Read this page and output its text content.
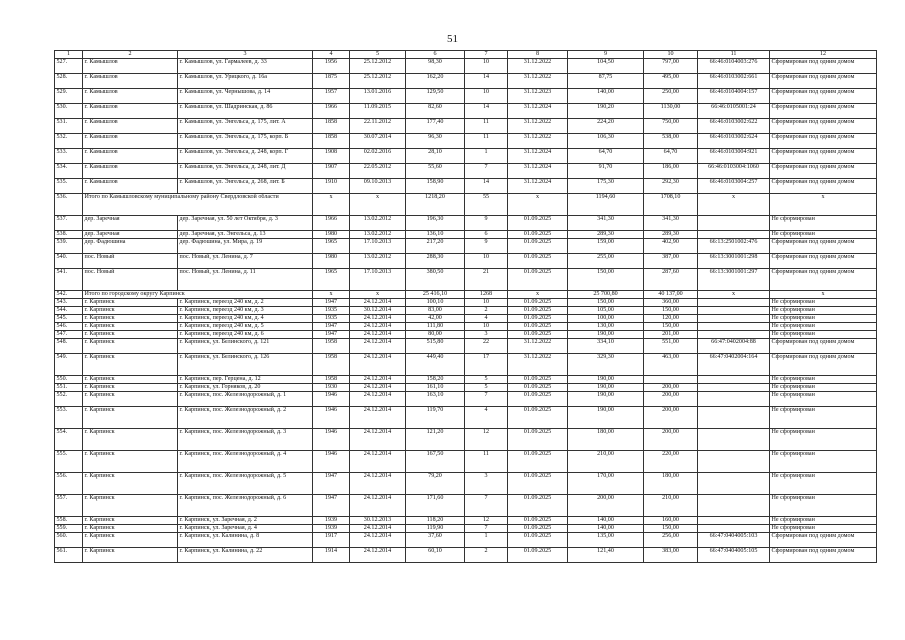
51
1	2	3	4	5	6	7	8	9	10	11	12
527.	г. Камышлов	г. Камышлов, ул. Гармалеев, д. 33	1956	25.12.2012	98,30	10	31.12.2022	104,50	797,00	66:46:0104003:276	Сформирован под одним домом
528.	г. Камышлов	г. Камышлов, ул. Урицкого, д. 16а	1875	25.12.2012	162,20	14	31.12.2022	87,75	495,00	66:46:0103002:661	Сформирован под одним домом
529.	г. Камышлов	г. Камышлов, ул. Чернышова, д. 14	1957	13.01.2016	129,50	10	31.12.2023	140,00	250,00	66:46:0104004:157	Сформирован под одним домом
530.	г. Камышлов	г. Камышлов, ул. Шадринская, д. 86	1966	11.09.2015	82,60	14	31.12.2024	190,20	1130,00	66:46:0105001:24	Сформирован под одним домом
531.	г. Камышлов	г. Камышлов, ул. Энгельса, д. 175, лит. А	1858	22.11.2012	177,40	11	31.12.2022	224,20	750,00	66:46:0103002:622	Сформирован под одним домом
532.	г. Камышлов	г. Камышлов, ул. Энгельса, д. 175, корп. Б	1858	30.07.2014	96,30	11	31.12.2022	106,30	538,00	66:46:0103002:624	Сформирован под одним домом
533.	г. Камышлов	г. Камышлов, ул. Энгельса, д. 248, корп. Г	1908	02.02.2016	28,10	1	31.12.2024	64,70	64,70	66:46:0103004:921	Сформирован под одним домом
534.	г. Камышлов	г. Камышлов, ул. Энгельса, д. 248, лит. Д	1907	22.05.2012	55,60	7	31.12.2024	91,70	186,00	66:46:0103004:1060	Сформирован под одним домом
535.	г. Камышлов	г. Камышлов, ул. Энгельса, д. 268, лит. Б	1910	09.10.2013	158,90	14	31.12.2024	175,30	292,30	66:46:0103004:257	Сформирован под одним домом
536.	Итого по Камышловскому муниципальному району Свердловской области		x	x	1218,20	55	x	1194,60	1708,10	x	x
537.	дер. Заречная	дер. Заречная, ул. 50 лет Октября, д. 3	1966	13.02.2012	196,30	9	01.09.2025	341,30	341,30		Не сформирован
538.	дер. Заречная	дер. Заречная, ул. Энгельса, д. 13	1980	13.02.2012	136,10	6	01.09.2025	289,30	289,30		Не сформирован
539.	дер. Фадюшина	дер. Фадюшина, ул. Мира, д. 19	1965	17.10.2013	217,20	9	01.09.2025	159,00	402,90	66:13:2501002:476	Сформирован под одним домом
540.	пос. Новый	пос. Новый, ул. Ленина, д. 7	1980	13.02.2012	288,30	10	01.09.2025	255,00	387,00	66:13:3001001:298	Сформирован под одним домом
541.	пос. Новый	пос. Новый, ул. Ленина, д. 11	1965	17.10.2013	380,50	21	01.09.2025	150,00	287,60	66:13:3001001:297	Сформирован под одним домом
542.	Итого по городскому округу Карпинск		x	x	25 416,10	1268	x	25 700,80	40 137,00	x	x
543.	г. Карпинск	г. Карпинск, переезд 240 км, д. 2	1947	24.12.2014	100,10	10	01.09.2025	150,00	360,00		Не сформирован
544.	г. Карпинск	г. Карпинск, переезд 240 км, д. 3	1935	30.12.2014	83,00	2	01.09.2025	105,00	150,00		Не сформирован
545.	г. Карпинск	г. Карпинск, переезд 240 км, д. 4	1935	24.12.2014	42,00	4	01.09.2025	100,00	120,00		Не сформирован
546.	г. Карпинск	г. Карпинск, переезд 240 км, д. 5	1947	24.12.2014	111,80	10	01.09.2025	130,00	150,00		Не сформирован
547.	г. Карпинск	г. Карпинск, переезд 240 км, д. 6	1947	24.12.2014	80,00	3	01.09.2025	190,00	201,00		Не сформирован
548.	г. Карпинск	г. Карпинск, ул. Белинского, д. 121	1958	24.12.2014	515,80	22	31.12.2022	334,10	551,00	66:47:0402004:88	Сформирован под одним домом
549.	г. Карпинск	г. Карпинск, ул. Белинского, д. 126	1958	24.12.2014	449,40	17	31.12.2022	329,30	463,00	66:47:0402004:164	Сформирован под одним домом
550.	г. Карпинск	г. Карпинск, пер. Герцена, д. 12	1958	24.12.2014	158,20	5	01.09.2025	190,00			Не сформирован
551.	г. Карпинск	г. Карпинск, ул. Горняков, д. 20	1930	24.12.2014	161,10	5	01.09.2025	190,00	200,00		Не сформирован
552.	г. Карпинск	г. Карпинск, пос. Железнодорожный, д. 1	1946	24.12.2014	163,10	7	01.09.2025	190,00	200,00		Не сформирован
553.	г. Карпинск	г. Карпинск, пос. Железнодорожный, д. 2	1946	24.12.2014	119,70	4	01.09.2025	190,00	200,00		Не сформирован
554.	г. Карпинск	г. Карпинск, пос. Железнодорожный, д. 3	1946	24.12.2014	121,20	12	01.09.2025	180,00	200,00		Не сформирован
555.	г. Карпинск	г. Карпинск, пос. Железнодорожный, д. 4	1946	24.12.2014	167,50	11	01.09.2025	210,00	220,00		Не сформирован
556.	г. Карпинск	г. Карпинск, пос. Железнодорожный, д. 5	1947	24.12.2014	79,20	3	01.09.2025	170,00	180,00		Не сформирован
557.	г. Карпинск	г. Карпинск, пос. Железнодорожный, д. 6	1947	24.12.2014	171,60	7	01.09.2025	200,00	210,00		Не сформирован
558.	г. Карпинск	г. Карпинск, ул. Заречная, д. 2	1939	30.12.2013	118,20	12	01.09.2025	140,00	160,00		Не сформирован
559.	г. Карпинск	г. Карпинск, ул. Заречная, д. 4	1939	24.12.2014	119,90	7	01.09.2025	140,00	150,00		Не сформирован
560.	г. Карпинск	г. Карпинск, ул. Калинина, д. 8	1917	24.12.2014	37,60	1	01.09.2025	135,00	256,00	66:47:0404005:103	Сформирован под одним домом
561.	г. Карпинск	г. Карпинск, ул. Калинина, д. 22	1914	24.12.2014	60,10	2	01.09.2025	121,40	383,00	66:47:0404005:105	Сформирован под одним домом
